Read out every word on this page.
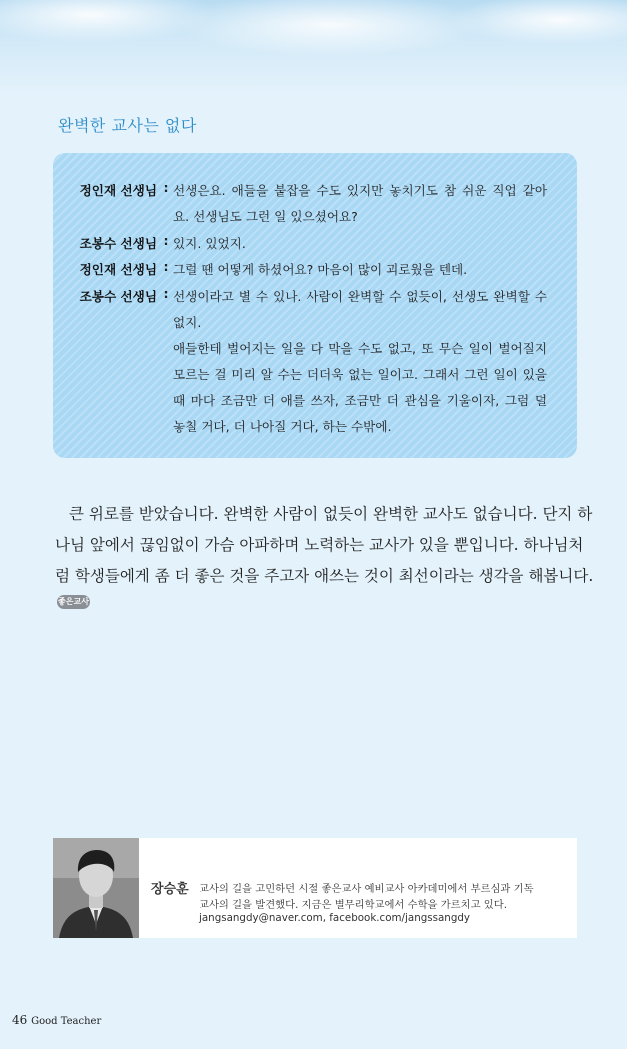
완벽한 교사는 없다
정인재 선생님 : 선생은요. 애들을 붙잡을 수도 있지만 놓치기도 참 쉬운 직업 같아
요. 선생님도 그런 일 있으셨어요?
조봉수 선생님 : 있지. 있었지.
정인재 선생님 : 그럴 땐 어떻게 하셨어요? 마음이 많이 괴로웠을 텐데.
조봉수 선생님 : 선생이라고 별 수 있나. 사람이 완벽할 수 없듯이, 선생도 완벽할 수
없지.
애들한테 벌어지는 일을 다 막을 수도 없고, 또 무슨 일이 벌어질지
모르는 걸 미리 알 수는 더더욱 없는 일이고. 그래서 그런 일이 있을
때 마다 조금만 더 애를 쓰자, 조금만 더 관심을 기울이자, 그럼 덜
놓칠 거다, 더 나아질 거다, 하는 수밖에.
큰 위로를 받았습니다. 완벽한 사람이 없듯이 완벽한 교사도 없습니다. 단지 하
나님 앞에서 끊임없이 가슴 아파하며 노력하는 교사가 있을 뿐입니다. 하나님처
럼 학생들에게 좀 더 좋은 것을 주고자 애쓰는 것이 최선이라는 생각을 해봅니다.
좋은교사
장승훈 교사의 길을 고민하던 시절 좋은교사 예비교사 아카데미에서 부르심과 기독
교사의 길을 발견했다. 지금은 별무리학교에서 수학을 가르치고 있다.
jangsangdy@naver.com, facebook.com/jangssangdy
46 Good Teacher
